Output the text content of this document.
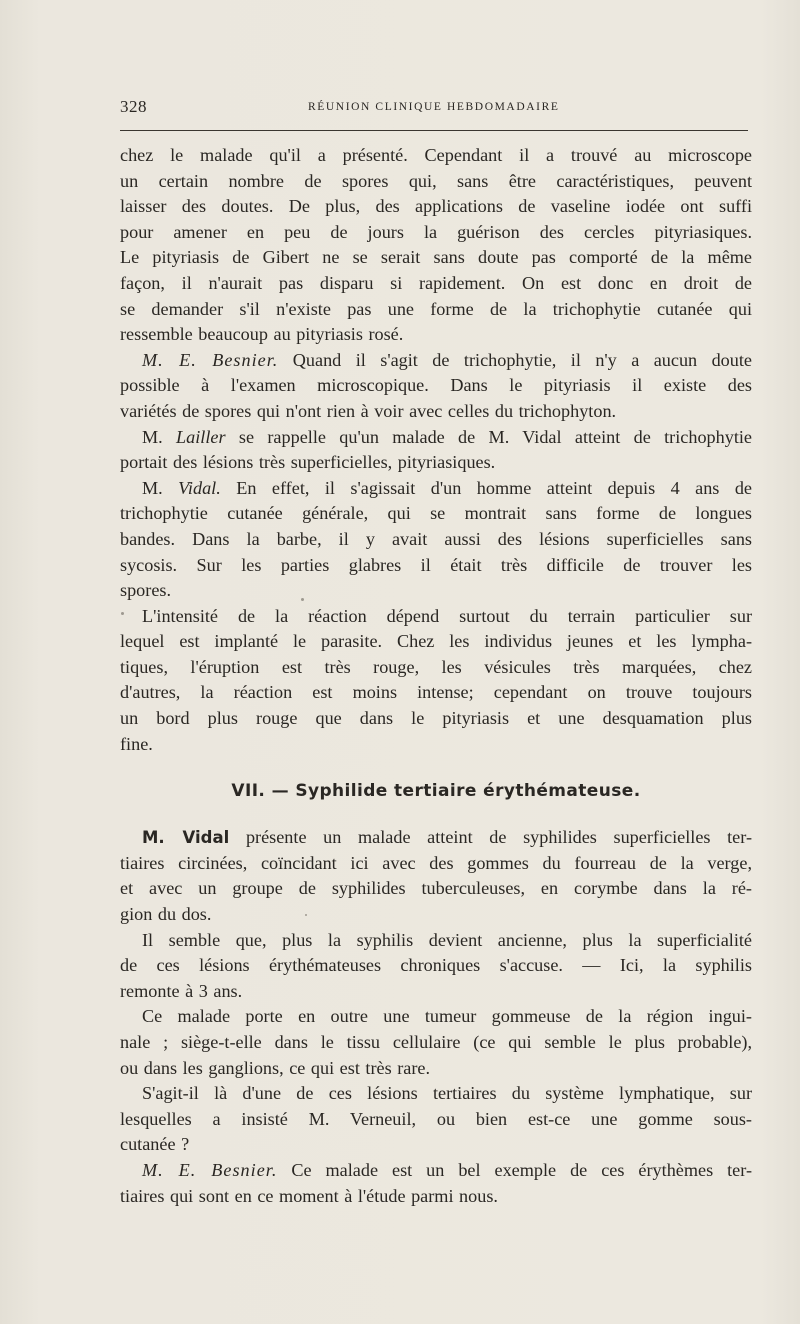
328	RÉUNION CLINIQUE HEBDOMADAIRE
chez le malade qu'il a présenté. Cependant il a trouvé au microscope
un certain nombre de spores qui, sans être caractéristiques, peuvent
laisser des doutes. De plus, des applications de vaseline iodée ont suffi
pour amener en peu de jours la guérison des cercles pityriasiques.
Le pityriasis de Gibert ne se serait sans doute pas comporté de la même
façon, il n'aurait pas disparu si rapidement. On est donc en droit de
se demander s'il n'existe pas une forme de la trichophytie cutanée qui
ressemble beaucoup au pityriasis rosé.
M. E. Besnier. Quand il s'agit de trichophytie, il n'y a aucun doute
possible à l'examen microscopique. Dans le pityriasis il existe des
variétés de spores qui n'ont rien à voir avec celles du trichophyton.
M. Lailler se rappelle qu'un malade de M. Vidal atteint de trichophytie
portait des lésions très superficielles, pityriasiques.
M. Vidal. En effet, il s'agissait d'un homme atteint depuis 4 ans de
trichophytie cutanée générale, qui se montrait sans forme de longues
bandes. Dans la barbe, il y avait aussi des lésions superficielles sans
sycosis. Sur les parties glabres il était très difficile de trouver les
spores.
L'intensité de la réaction dépend surtout du terrain particulier sur
lequel est implanté le parasite. Chez les individus jeunes et les lympha-
tiques, l'éruption est très rouge, les vésicules très marquées, chez
d'autres, la réaction est moins intense; cependant on trouve toujours
un bord plus rouge que dans le pityriasis et une desquamation plus
fine.
VII. — Syphilide tertiaire érythémateuse.
M. Vidal présente un malade atteint de syphilides superficielles ter-
tiaires circinées, coïncidant ici avec des gommes du fourreau de la verge,
et avec un groupe de syphilides tuberculeuses, en corymbe dans la ré-
gion du dos.
Il semble que, plus la syphilis devient ancienne, plus la superficialité
de ces lésions érythémateuses chroniques s'accuse. — Ici, la syphilis
remonte à 3 ans.
Ce malade porte en outre une tumeur gommeuse de la région ingui-
nale ; siège-t-elle dans le tissu cellulaire (ce qui semble le plus probable),
ou dans les ganglions, ce qui est très rare.
S'agit-il là d'une de ces lésions tertiaires du système lymphatique, sur
lesquelles a insisté M. Verneuil, ou bien est-ce une gomme sous-
cutanée ?
M. E. Besnier. Ce malade est un bel exemple de ces érythèmes ter-
tiaires qui sont en ce moment à l'étude parmi nous.
